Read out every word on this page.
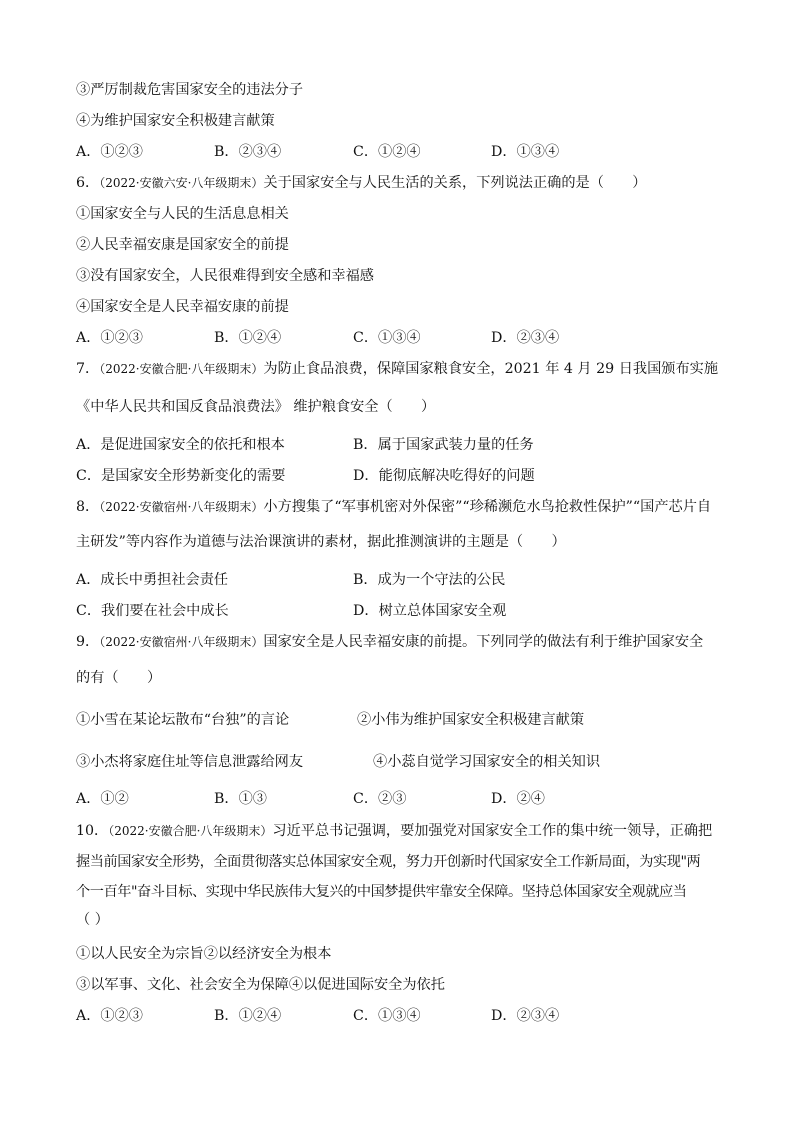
③严厉制裁危害国家安全的违法分子
④为维护国家安全积极建言献策
A．①②③	B．②③④	C．①②④	D．①③④
6．（2022·安徽六安·八年级期末）关于国家安全与人民生活的关系，下列说法正确的是（　　）
①国家安全与人民的生活息息相关
②人民幸福安康是国家安全的前提
③没有国家安全，人民很难得到安全感和幸福感
④国家安全是人民幸福安康的前提
A．①②③	B．①②④	C．①③④	D．②③④
7．（2022·安徽合肥·八年级期末）为防止食品浪费，保障国家粮食安全，2021 年 4 月 29 日我国颁布实施
《中华人民共和国反食品浪费法》 维护粮食安全（　　）
A．是促进国家安全的依托和根本	B．属于国家武装力量的任务
C．是国家安全形势新变化的需要	D．能彻底解决吃得好的问题
8．（2022·安徽宿州·八年级期末）小方搜集了“军事机密对外保密”“珍稀濒危水鸟抢救性保护”“国产芯片自
主研发”等内容作为道德与法治课演讲的素材，据此推测演讲的主题是（　　）
A．成长中勇担社会责任	B．成为一个守法的公民
C．我们要在社会中成长	D．树立总体国家安全观
9．（2022·安徽宿州·八年级期末）国家安全是人民幸福安康的前提。下列同学的做法有利于维护国家安全
的有（　　）
①小雪在某论坛散布“台独”的言论	②小伟为维护国家安全积极建言献策
③小杰将家庭住址等信息泄露给网友	④小蕊自觉学习国家安全的相关知识
A．①②	B．①③	C．②③	D．②④
10．（2022·安徽合肥·八年级期末）习近平总书记强调，要加强党对国家安全工作的集中统一领导，正确把
握当前国家安全形势，全面贯彻落实总体国家安全观，努力开创新时代国家安全工作新局面，为实现"两
个一百年"奋斗目标、实现中华民族伟大复兴的中国梦提供牢靠安全保障。坚持总体国家安全观就应当
（ ）
①以人民安全为宗旨②以经济安全为根本
③以军事、文化、社会安全为保障④以促进国际安全为依托
A．①②③	B．①②④	C．①③④	D．②③④
